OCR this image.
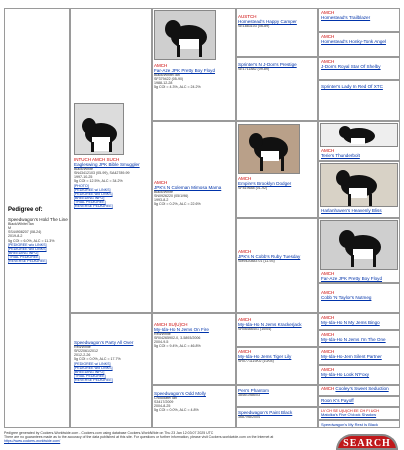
Pedigree of:
Speedwagon's Hold The Line
Black/White/Tan
M
SS44908207 (08-24)
2019-8-2
5g COI = 6.0%, ALC = 11.3%
[PEDIGREE w/o LINKS]
[PEDIGREE w/o LINKS]
[BREEDING INFO]
[TRIAL PEDIGREE]
[REVERSE PEDIGREE]
INTUCH AMCH SUCH
Eagleswing JPK Bible Smuggler
Black/White
SN43412103 (05-99), SA42789-99
1997-10-25
5g COI = 12.5%, ALC = 34.2%
[PHOTO]
[PEDIGREE w/ LINKS]
[PEDIGREE w/o LINKS]
[BREEDING INFO]
[TRIAL PEDIGREE]
[REVERSE PEDIGREE]
Speedwagon's Party All Over
Red/White
SR22061/2012
2012-2-26
5g COI = 0.0%, ALC = 17.7%
[PEDIGREE w/ LINKS]
[PEDIGREE w/o LINKS]
[BREEDING INFO]
[TRIAL PEDIGREE]
[REVERSE PEDIGREE]
AMCH
Far-Aze JPK Pretty Boy Floyd
Black/White/Tan
SF379422 (05-90)
1988-12-28
5g COI = 4.3%, ALC = 24.2%
AMCH
JPK's N Coleman Mimosa Mama
Black/White
SN0926220 (05/1/96)
1993-8-2
5g COI = 0.2%, ALC = 22.6%
AMCH SU(U)CH
My-Ida-Ho N Jems On Fire
Red/White
SR04265902-0, 3-5893/2006
2004-9-5
5g COI = 9.4%, ALC = 46.8%
Speedwagon's Odd Molly
Chocolate/Tan
S3417/2009
2004-8-25
5g COI = 0.0%, ALC = 4.8%
AUSTCH
Homestead's Happy Camper
SE1883103 (06-89)
Sprinter's N J-Don's Prestige
SE1711882 (09-89)
AMCH
Empire's Brooklyn Dodger
SF819688 (01-92)
AMCH
JPK's N Cobb's Ruby Tuesday
SM9420883 01 (11-93)
AMCH
My-Ida-Ho N Jems Krackerjack
SR06466401 (10/04)
AMCH
My-Ida-Ho Jems Tiger Lily
SR0771119/02 (10/04)
Pen's Phantom
3846/1986/03
Speedwagon's Paint Black
3687/98/2004
AMCH
Homestead's Trailblazer
AMCH
Homestead's Honky-Tonk Angel
AMCH
J-Don's Royal Star Of Shelby
Sprinter's Lady In Red Of XTC
AMCH
Terie's Thunderbolt
Harlanhaven's Heavenly Bliss
AMCH
Far-Aze JPK Pretty Boy Floyd
AMCH
Cobb 'N Taylor's Nutmeg
AMCH
My-Ida-Ho N My Jems Bingo
AMCH
My-Ida-Ho N Jems I'm The One
AMCH
My-Ida-Ho-Jem Silent Partner
AMCH
My-Ida-Ho Look N'Foxy
AMCH Cooley's Sweet Seduction
Roon K's Payoff
LV CH SE U(U)CH EE CH FI UCH
Matolka's Five O'clock Shadow
Speedwagon's My Rest Is Black
Pedigree generated by Cockers-Worldwide.com - Cockers.com using database Cockers-WorldWide on Thu 23 Jan 12:03:07 2025 UTC
There are no guarantees made as to the accuracy of the data published at this site. For questions or further information, please visit Cockers-worldwide.com on the Internet at
https://www.cockers-worldwide.com/	SEARCH
